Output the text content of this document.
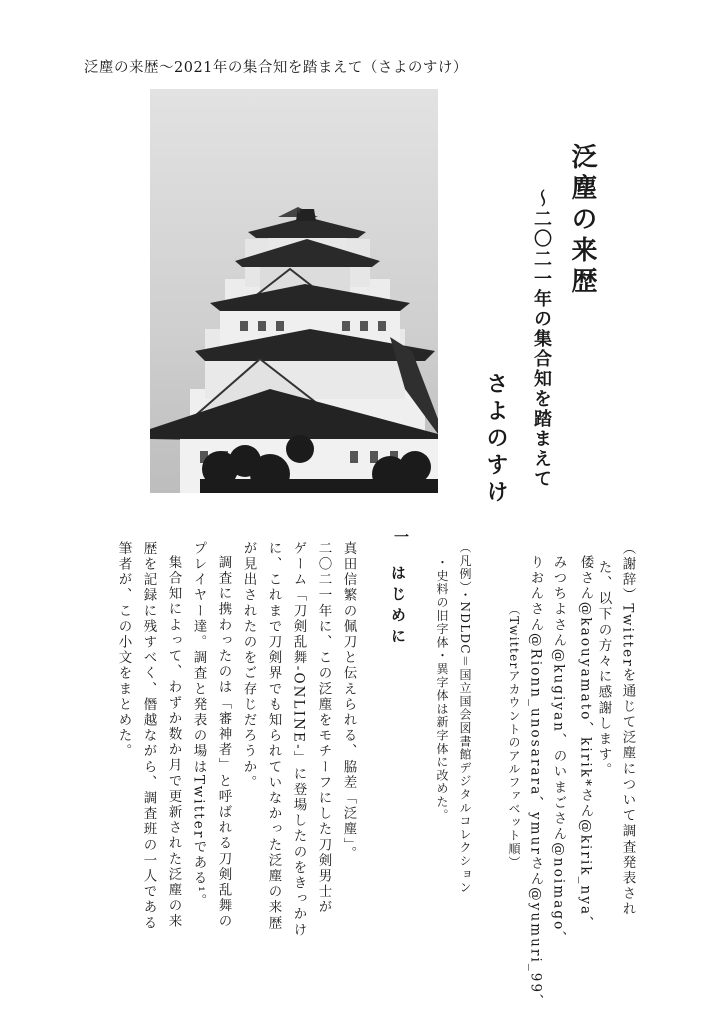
泛塵の来歴～2021年の集合知を踏まえて（さよのすけ）
泛塵の来歴
～二〇二一年の集合知を踏まえて
さよのすけ
（謝辞）Twitterを通じて泛塵について調査発表され
た、以下の方々に感謝します。
倭さん@kaouyamato、kirik*さん@kirik_nya、
みつちよさん@kugiyan、のいまごさん@noimago、
りおんさん@Rionn_unosarara、ymurさん@yumuri_99、
（Twitterアカウントのアルファベット順）
（凡例）・NDLDC＝国立国会図書館デジタルコレクション
・史料の旧字体・異字体は新字体に改めた。
一
はじめに
真田信繁の佩刀と伝えられる、脇差「泛塵」。
二〇二一年に、この泛塵をモチーフにした刀剣男士が
ゲーム「刀剣乱舞-ONLINE-」に登場したのをきっかけ
に、これまで刀剣界でも知られていなかった泛塵の来歴
が見出されたのをご存じだろうか。
調査に携わったのは「審神者」と呼ばれる刀剣乱舞の
プレイヤー達。調査と発表の場はTwitterである¹。
集合知によって、わずか数か月で更新された泛塵の来
歴を記録に残すべく、僭越ながら、調査班の一人である
筆者が、この小文をまとめた。
